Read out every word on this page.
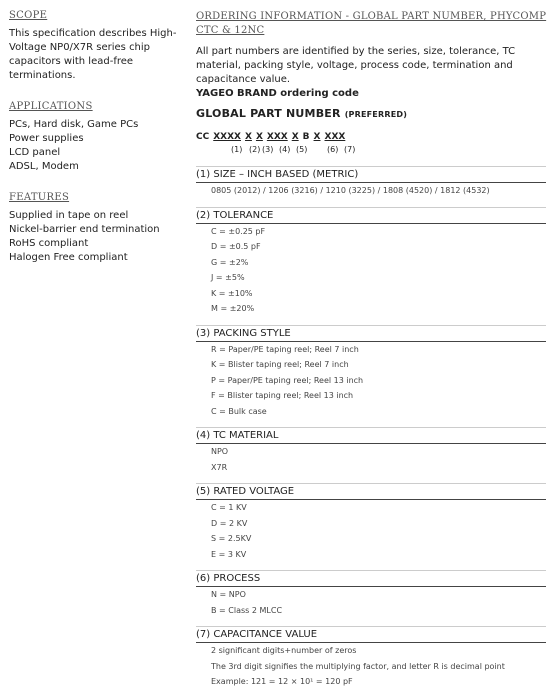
SCOPE
This specification describes High-Voltage NP0/X7R series chip capacitors with lead-free terminations.
APPLICATIONS
PCs, Hard disk, Game PCs
Power supplies
LCD panel
ADSL, Modem
FEATURES
Supplied in tape on reel
Nickel-barrier end termination
RoHS compliant
Halogen Free compliant
ORDERING INFORMATION - GLOBAL PART NUMBER, PHYCOMP CTC & 12NC
All part numbers are identified by the series, size, tolerance, TC material, packing style, voltage, process code, termination and capacitance value.
YAGEO BRAND ordering code
GLOBAL PART NUMBER (PREFERRED)
CC XXXX X X XXX X B X XXX
(1) (2) (3) (4) (5) (6) (7)
(1) SIZE – INCH BASED (METRIC)
0805 (2012) / 1206 (3216) / 1210 (3225) / 1808 (4520) / 1812 (4532)
(2) TOLERANCE
C = ±0.25 pF
D = ±0.5 pF
G = ±2%
J = ±5%
K = ±10%
M = ±20%
(3) PACKING STYLE
R = Paper/PE taping reel; Reel 7 inch
K = Blister taping reel; Reel 7 inch
P = Paper/PE taping reel; Reel 13 inch
F = Blister taping reel; Reel 13 inch
C = Bulk case
(4) TC MATERIAL
NPO
X7R
(5) RATED VOLTAGE
C = 1 KV
D = 2 KV
S = 2.5KV
E = 3 KV
(6) PROCESS
N = NPO
B = Class 2 MLCC
(7) CAPACITANCE VALUE
2 significant digits+number of zeros
The 3rd digit signifies the multiplying factor, and letter R is decimal point
Example: 121 = 12 × 10¹ = 120 pF
